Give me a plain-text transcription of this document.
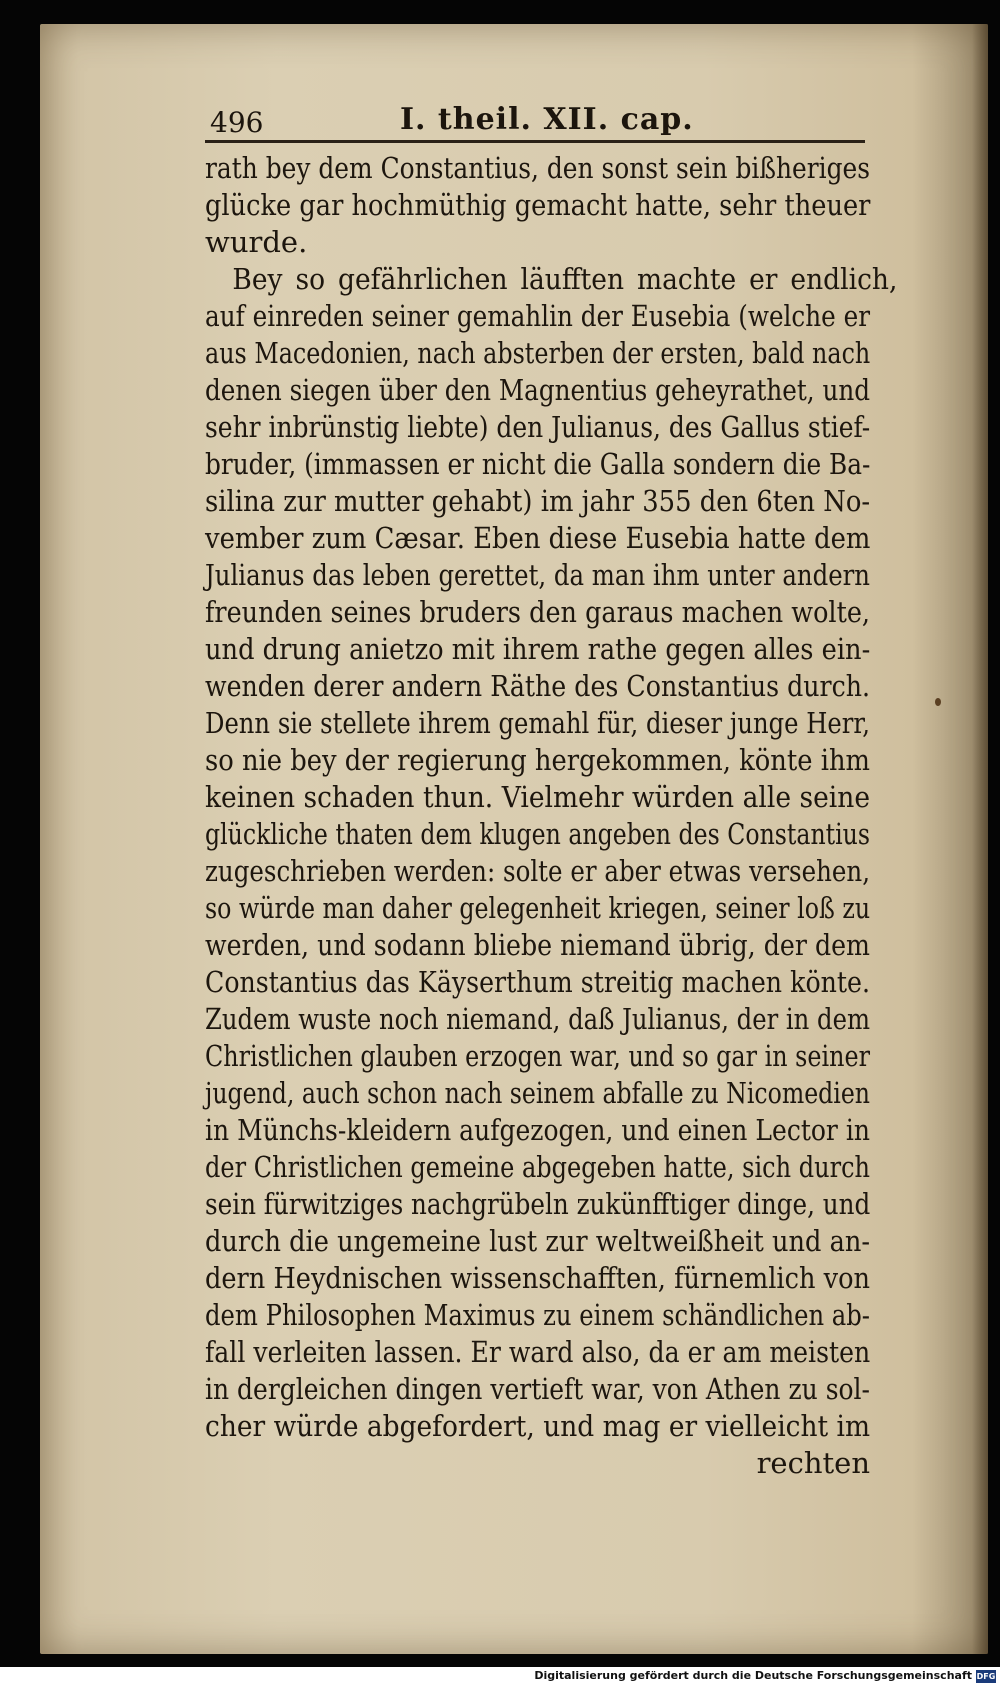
496	I. theil. XII. cap.
rath bey dem Constantius, den sonst sein bißheriges
glücke gar hochmüthig gemacht hatte, sehr theuer
wurde.
Bey so gefährlichen läufften machte er endlich,
auf einreden seiner gemahlin der Eusebia (welche er
aus Macedonien, nach absterben der ersten, bald nach
denen siegen über den Magnentius geheyrathet, und
sehr inbrünstig liebte) den Julianus, des Gallus stief-
bruder, (immassen er nicht die Galla sondern die Ba-
silina zur mutter gehabt) im jahr 355 den 6ten No-
vember zum Cæsar. Eben diese Eusebia hatte dem
Julianus das leben gerettet, da man ihm unter andern
freunden seines bruders den garaus machen wolte,
und drung anietzo mit ihrem rathe gegen alles ein-
wenden derer andern Räthe des Constantius durch.
Denn sie stellete ihrem gemahl für, dieser junge Herr,
so nie bey der regierung hergekommen, könte ihm
keinen schaden thun. Vielmehr würden alle seine
glückliche thaten dem klugen angeben des Constantius
zugeschrieben werden: solte er aber etwas versehen,
so würde man daher gelegenheit kriegen, seiner loß zu
werden, und sodann bliebe niemand übrig, der dem
Constantius das Käyserthum streitig machen könte.
Zudem wuste noch niemand, daß Julianus, der in dem
Christlichen glauben erzogen war, und so gar in seiner
jugend, auch schon nach seinem abfalle zu Nicomedien
in Münchs-kleidern aufgezogen, und einen Lector in
der Christlichen gemeine abgegeben hatte, sich durch
sein fürwitziges nachgrübeln zukünfftiger dinge, und
durch die ungemeine lust zur weltweißheit und an-
dern Heydnischen wissenschafften, fürnemlich von
dem Philosophen Maximus zu einem schändlichen ab-
fall verleiten lassen. Er ward also, da er am meisten
in dergleichen dingen vertieft war, von Athen zu sol-
cher würde abgefordert, und mag er vielleicht im
rechten
Digitalisierung gefördert durch die Deutsche Forschungsgemeinschaft DFG
